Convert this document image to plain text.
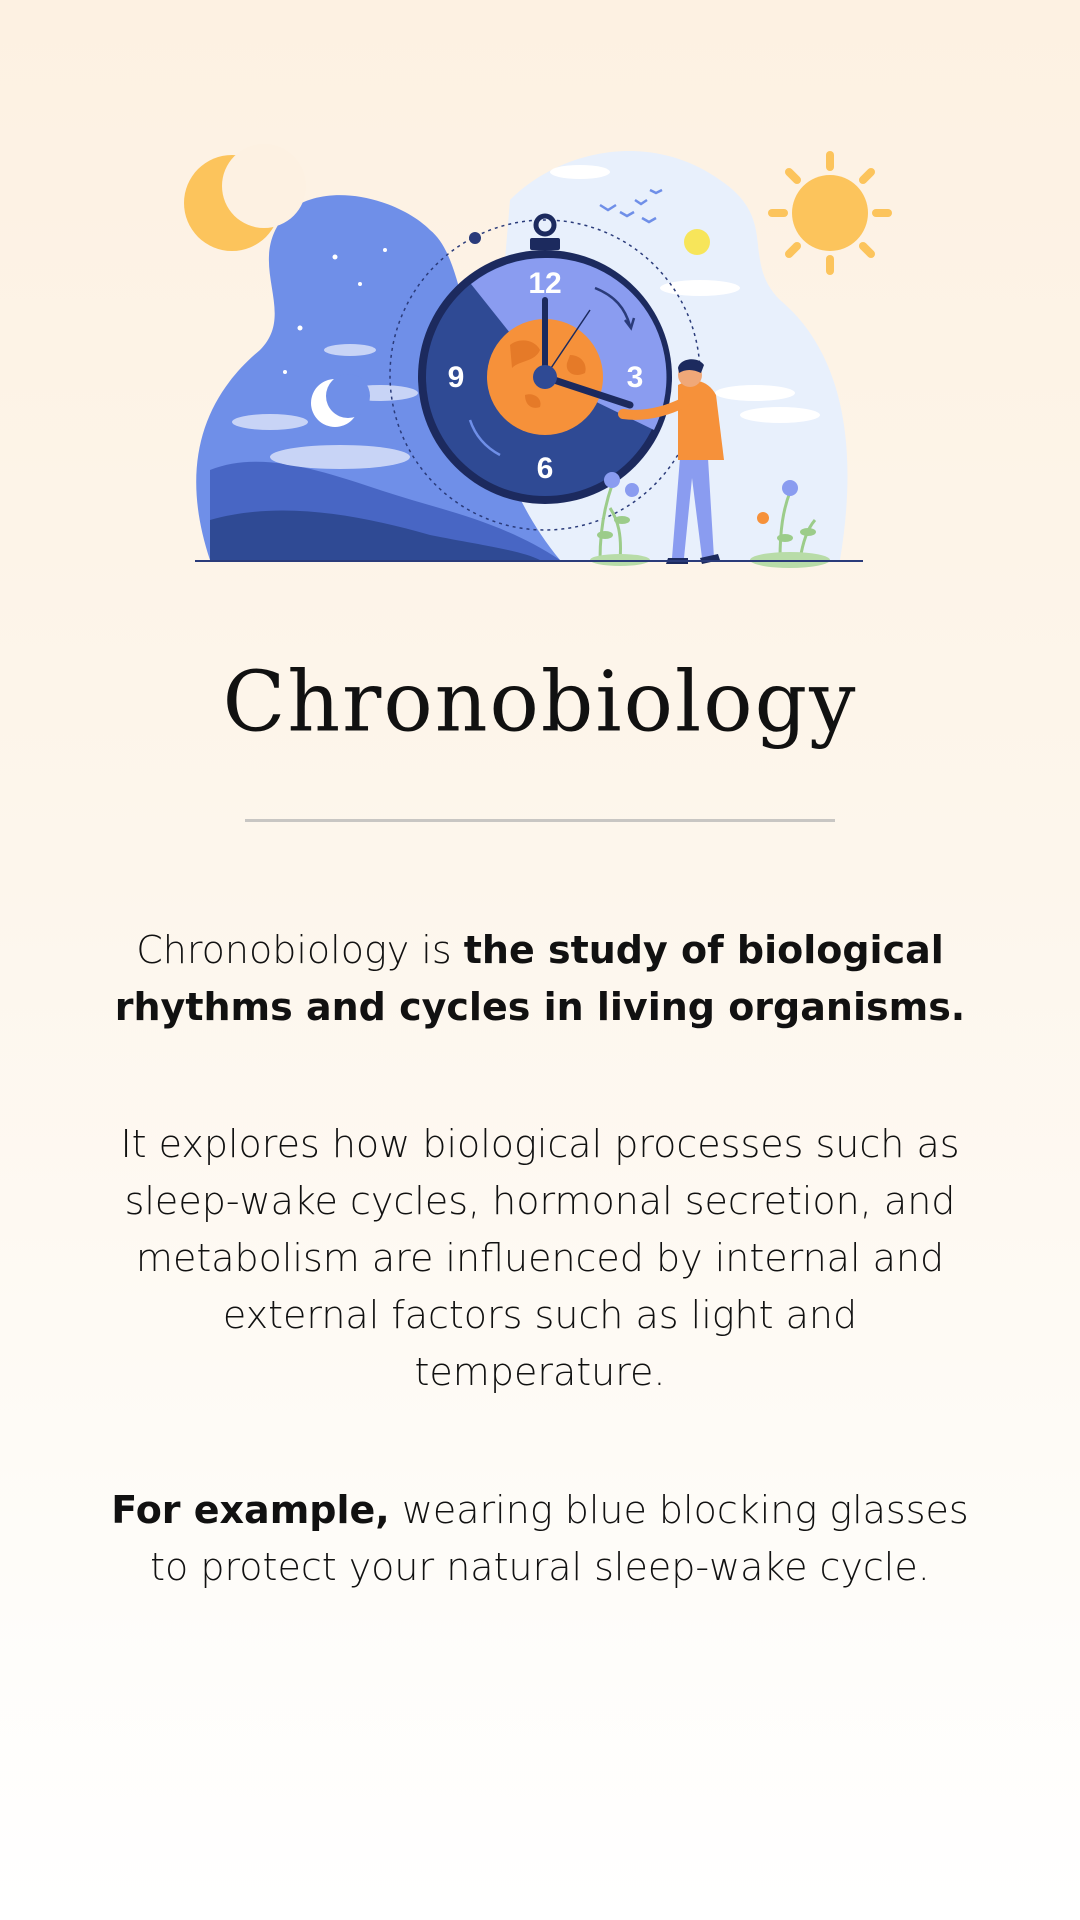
12
3
6
9
Chronobiology
Chronobiology is the study of biological rhythms and cycles in living organisms.
It explores how biological processes such as sleep-wake cycles, hormonal secretion, and metabolism are influenced by internal and external factors such as light and temperature.
For example, wearing blue blocking glasses to protect your natural sleep-wake cycle.
